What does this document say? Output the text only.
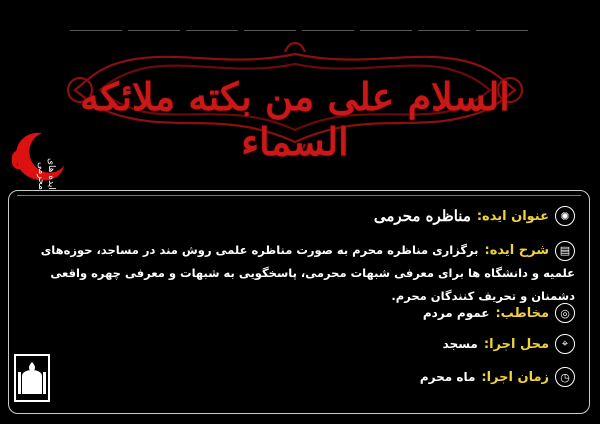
السلام علی من بکته ملائکه السماء
6	ایده های محرمی
✺
عنوان ایده:
مناظره محرمی
▤شرح ایده:برگزاری مناظره محرم به صورت مناظره علمی روش مند در مساجد، حوزه‌های علمیه و دانشگاه ها برای معرفی شبهات محرمی، پاسخگویی به شبهات و معرفی چهره واقعی دشمنان و تحریف کنندگان محرم.
◎
مخاطب:
عموم مردم
⌖
محل اجرا:
مسجد
◷
زمان اجرا:
ماه محرم
